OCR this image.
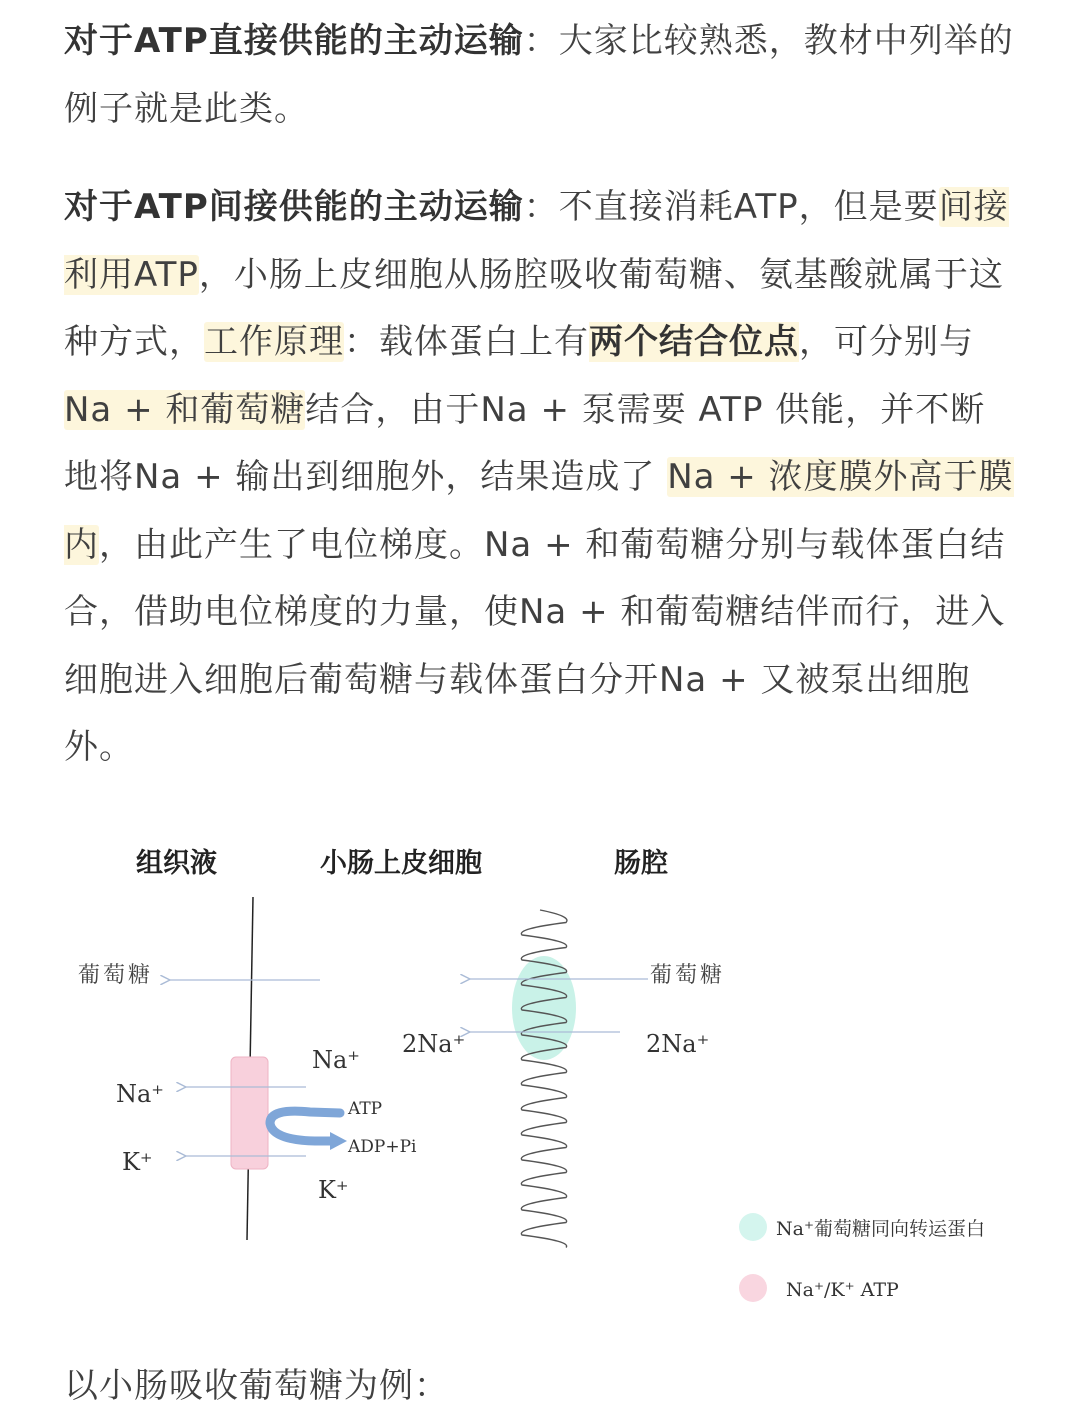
对于ATP直接供能的主动运输：大家比较熟悉，教材中列举的例子就是此类。

对于ATP间接供能的主动运输：不直接消耗ATP，但是要间接利用ATP，小肠上皮细胞从肠腔吸收葡萄糖、氨基酸就属于这种方式，工作原理：载体蛋白上有两个结合位点，可分别与 Na + 和葡萄糖结合，由于Na + 泵需要 ATP 供能，并不断地将Na + 输出到细胞外，结果造成了 Na + 浓度膜外高于膜内，由此产生了电位梯度。Na + 和葡萄糖分别与载体蛋白结合，借助电位梯度的力量，使Na + 和葡萄糖结伴而行，进入细胞进入细胞后葡萄糖与载体蛋白分开Na + 又被泵出细胞外。

组织液	小肠上皮细胞	肠腔
葡萄糖
Na⁺
K⁺
Na⁺
K⁺
ATP
ADP+Pi
葡萄糖
2Na⁺	2Na⁺
Na⁺葡萄糖同向转运蛋白
Na⁺/K⁺ ATP

以小肠吸收葡萄糖为例：
